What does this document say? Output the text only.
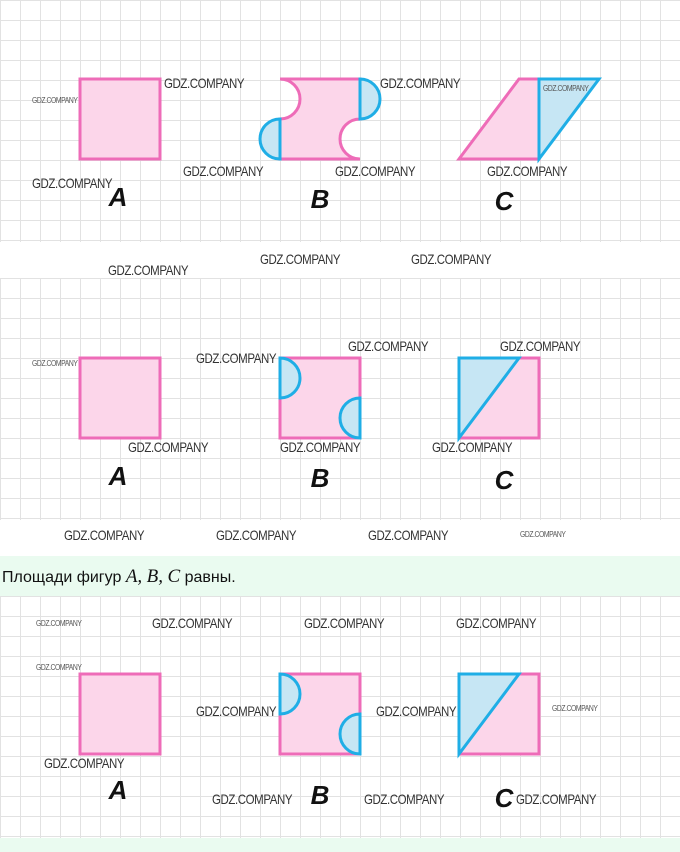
A	B	C
GDZ.COMPANY
GDZ.COMPANY	GDZ.COMPANY	GDZ.COMPANY
GDZ.COMPANY
GDZ.COMPANY	GDZ.COMPANY	GDZ.COMPANY
GDZ.COMPANY
GDZ.COMPANY	GDZ.COMPANY
A	B	C
GDZ.COMPANY	GDZ.COMPANY
GDZ.COMPANY	GDZ.COMPANY
GDZ.COMPANY	GDZ.COMPANY	GDZ.COMPANY
GDZ.COMPANY	GDZ.COMPANY	GDZ.COMPANY	GDZ.COMPANY
Площади фигур A, B, C равны.
A	B	C
GDZ.COMPANY	GDZ.COMPANY	GDZ.COMPANY	GDZ.COMPANY
GDZ.COMPANY
GDZ.COMPANY	GDZ.COMPANY	GDZ.COMPANY
GDZ.COMPANY
GDZ.COMPANY	GDZ.COMPANY	GDZ.COMPANY
